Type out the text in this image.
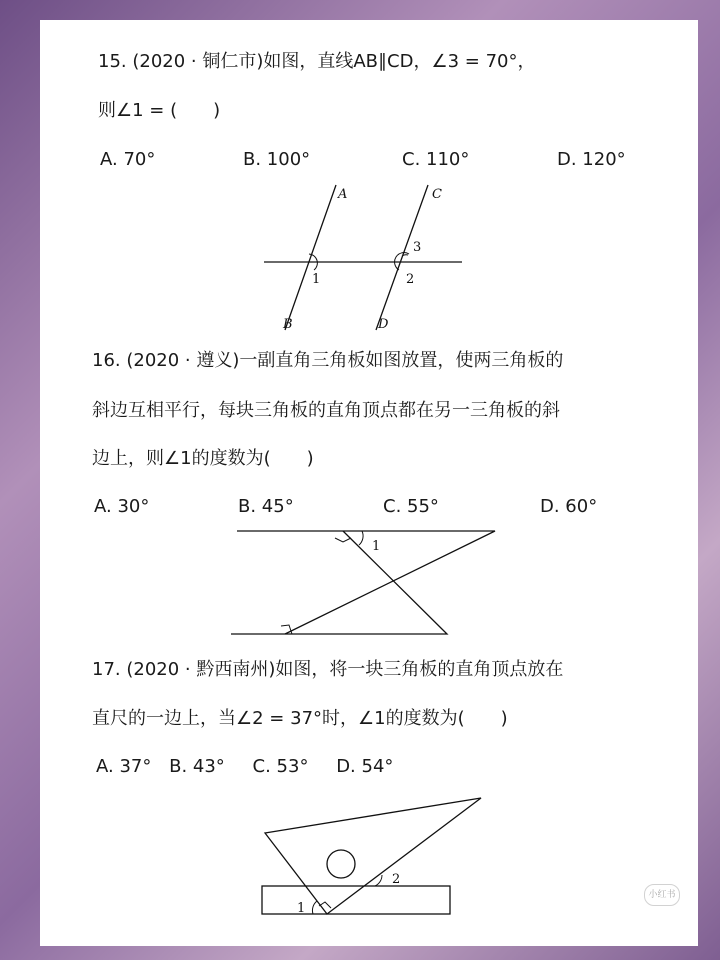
15. (2020 · 铜仁市)如图，直线AB∥CD，∠3 = 70°，
则∠1 = (　　)
A. 70°	B. 100°	C. 110°	D. 120°
A
B
C
D
1	2
3
16. (2020 · 遵义)一副直角三角板如图放置，使两三角板的
斜边互相平行，每块三角板的直角顶点都在另一三角板的斜
边上，则∠1的度数为(　　)
A. 30°	B. 45°	C. 55°	D. 60°
1
17. (2020 · 黔西南州)如图，将一块三角板的直角顶点放在
直尺的一边上，当∠2 = 37°时，∠1的度数为(　　)
A. 37° B. 43° C. 53° D. 54°
1
2
小红书
小红书 知乎 @娉爷
